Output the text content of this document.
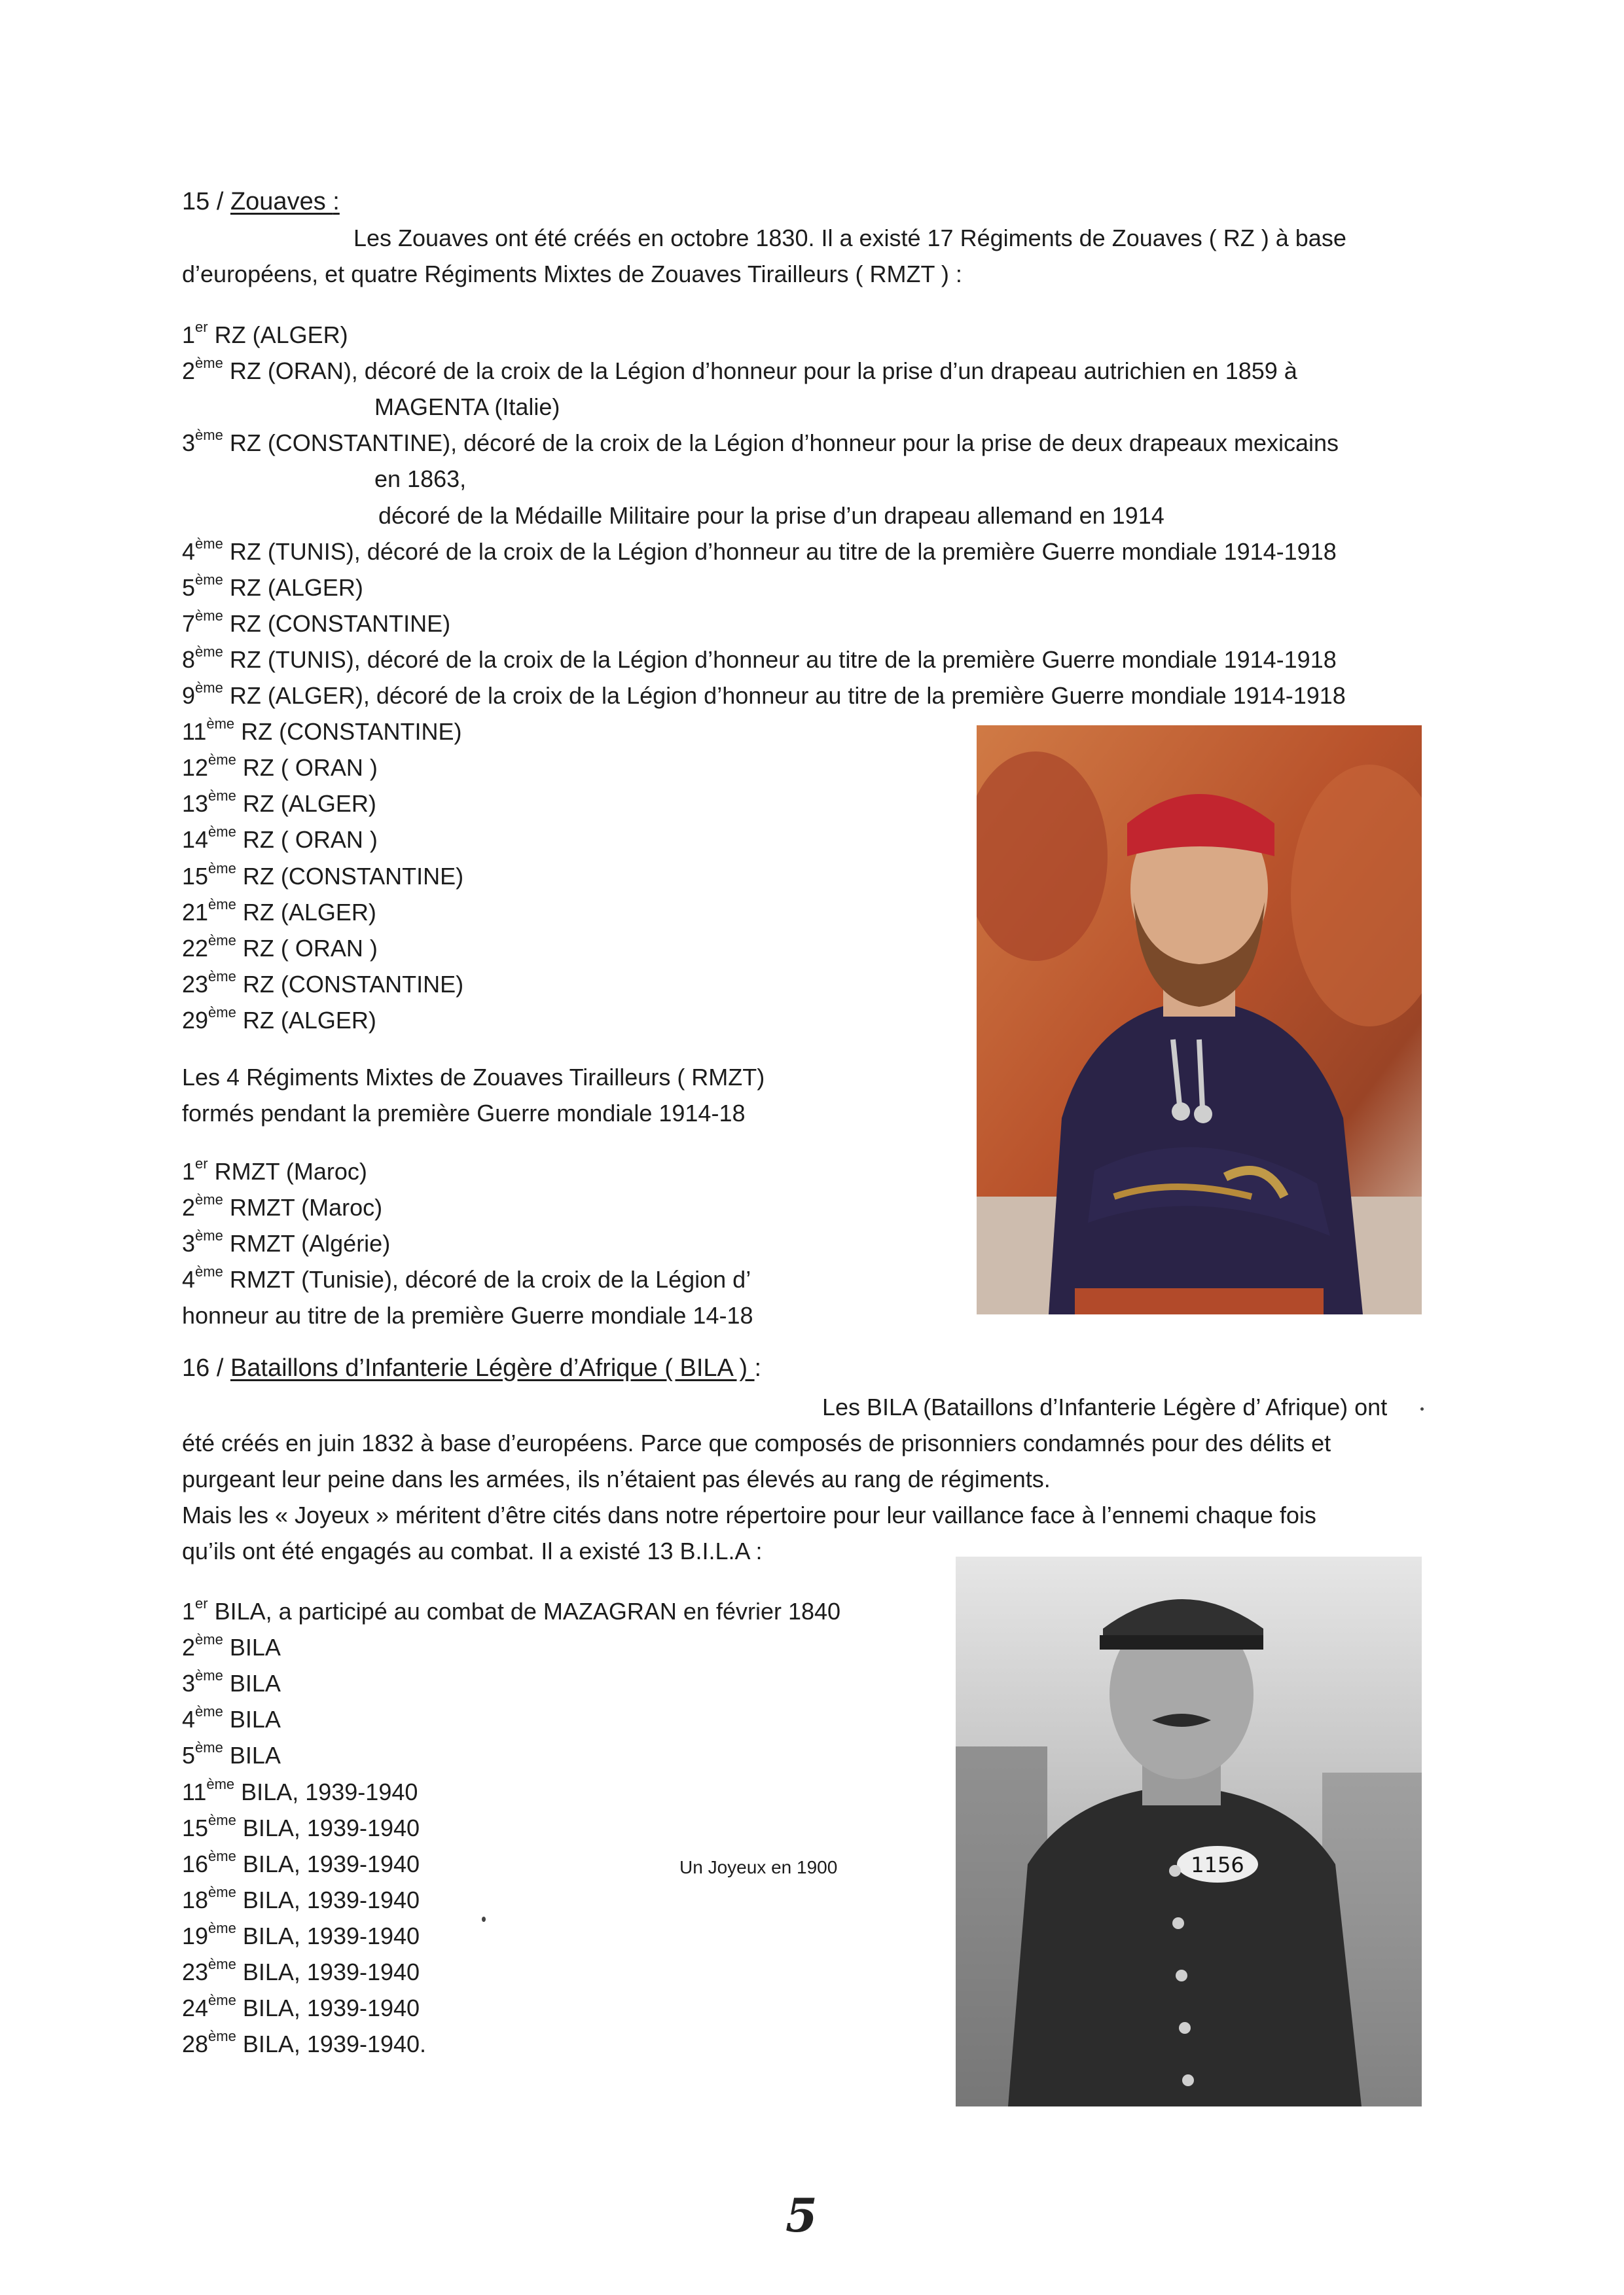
15 / Zouaves :
Les Zouaves ont été créés en octobre 1830. Il a existé 17 Régiments de Zouaves ( RZ ) à base
d’européens, et quatre Régiments Mixtes de Zouaves Tirailleurs ( RMZT ) :
1er RZ (ALGER)
2ème RZ (ORAN), décoré de la croix de la Légion d’honneur pour la prise d’un drapeau autrichien en 1859 à
MAGENTA (Italie)
3ème RZ (CONSTANTINE), décoré de la croix de la Légion d’honneur pour la prise de deux drapeaux mexicains
en 1863,
décoré de la Médaille Militaire pour la prise d’un drapeau allemand en 1914
4ème RZ (TUNIS), décoré de la croix de la Légion d’honneur au titre de la première Guerre mondiale 1914-1918
5ème RZ (ALGER)
7ème RZ (CONSTANTINE)
8ème RZ (TUNIS), décoré de la croix de la Légion d’honneur au titre de la première Guerre mondiale 1914-1918
9ème RZ (ALGER), décoré de la croix de la Légion d’honneur au titre de la première Guerre mondiale 1914-1918
11ème RZ (CONSTANTINE)
12ème RZ ( ORAN )
13ème RZ (ALGER)
14ème RZ ( ORAN )
15ème RZ (CONSTANTINE)
21ème RZ (ALGER)
22ème RZ ( ORAN )
23ème RZ (CONSTANTINE)
29ème RZ (ALGER)
Les 4 Régiments Mixtes de Zouaves Tirailleurs ( RMZT)
formés pendant la première Guerre mondiale 1914-18
1er RMZT (Maroc)
2ème RMZT (Maroc)
3ème RMZT (Algérie)
4ème RMZT (Tunisie), décoré de la croix de la Légion d’
honneur au titre de la première Guerre mondiale 14-18
16 / Bataillons d’Infanterie Légère d’Afrique ( BILA ) :
Les BILA (Bataillons d’Infanterie Légère d’ Afrique) ont
été créés en juin 1832 à base d’européens. Parce que composés de prisonniers condamnés pour des délits et
purgeant leur peine dans les armées, ils n’étaient pas élevés au rang de régiments.
Mais les « Joyeux » méritent d’être cités dans notre répertoire pour leur vaillance face à l’ennemi chaque fois
qu’ils ont été engagés au combat. Il a existé 13 B.I.L.A :
1er BILA, a participé au combat de MAZAGRAN en février 1840
2ème BILA
3ème BILA
4ème BILA
5ème BILA
11ème BILA, 1939-1940
15ème BILA, 1939-1940
16ème BILA, 1939-1940
18ème BILA, 1939-1940
19ème BILA, 1939-1940
23ème BILA, 1939-1940
24ème BILA, 1939-1940
28ème BILA, 1939-1940.
Un Joyeux en 1900	1156
5
